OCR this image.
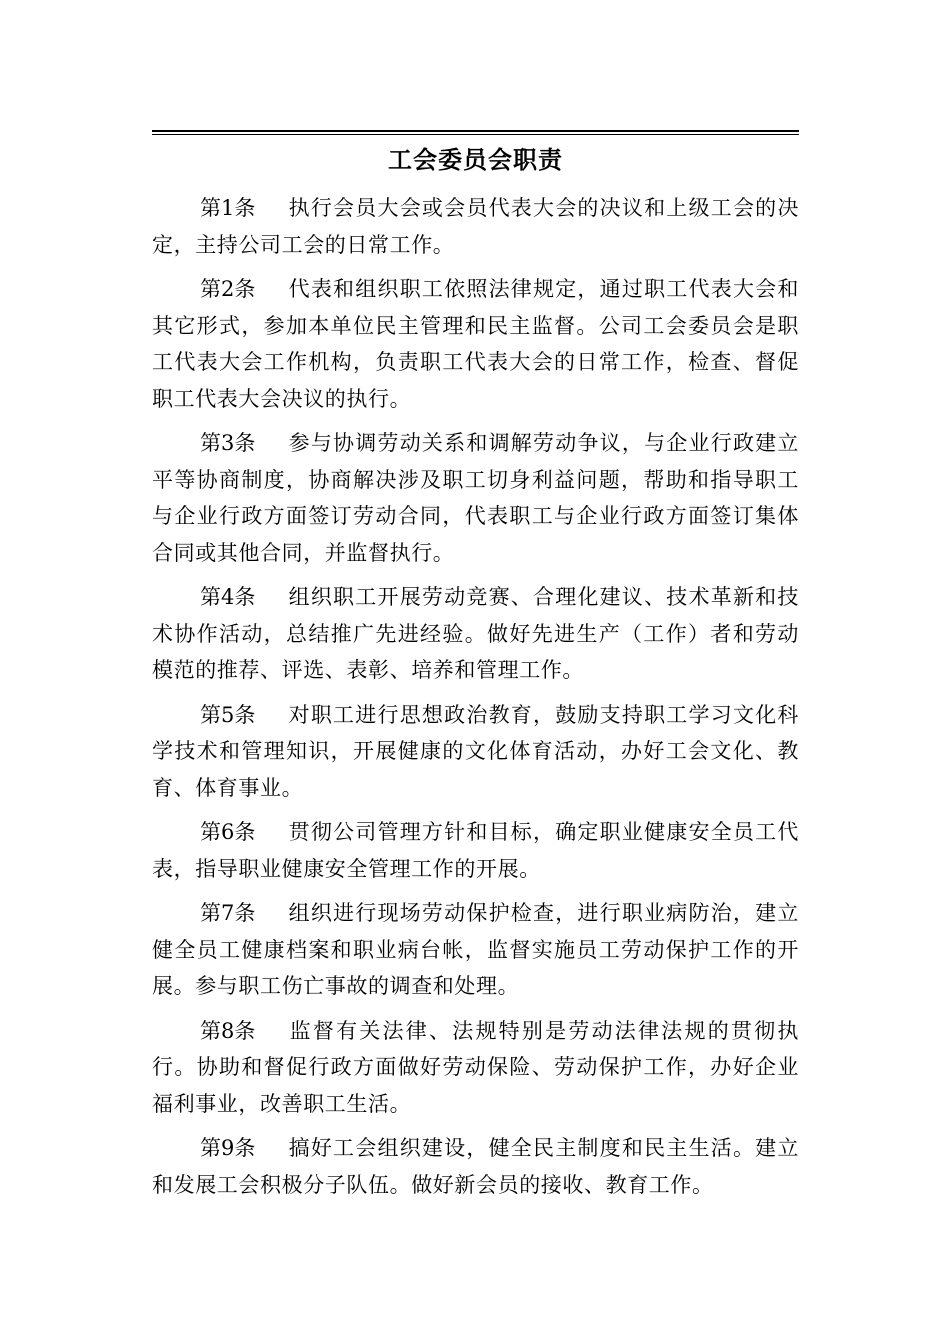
工会委员会职责

第1条 执行会员大会或会员代表大会的决议和上级工会的决定，主持公司工会的日常工作。

第2条 代表和组织职工依照法律规定，通过职工代表大会和其它形式，参加本单位民主管理和民主监督。公司工会委员会是职工代表大会工作机构，负责职工代表大会的日常工作，检查、督促职工代表大会决议的执行。

第3条 参与协调劳动关系和调解劳动争议，与企业行政建立平等协商制度，协商解决涉及职工切身利益问题，帮助和指导职工与企业行政方面签订劳动合同，代表职工与企业行政方面签订集体合同或其他合同，并监督执行。

第4条 组织职工开展劳动竞赛、合理化建议、技术革新和技术协作活动，总结推广先进经验。做好先进生产（工作）者和劳动模范的推荐、评选、表彰、培养和管理工作。

第5条 对职工进行思想政治教育，鼓励支持职工学习文化科学技术和管理知识，开展健康的文化体育活动，办好工会文化、教育、体育事业。

第6条 贯彻公司管理方针和目标，确定职业健康安全员工代表，指导职业健康安全管理工作的开展。

第7条 组织进行现场劳动保护检查，进行职业病防治，建立健全员工健康档案和职业病台帐，监督实施员工劳动保护工作的开展。参与职工伤亡事故的调查和处理。

第8条 监督有关法律、法规特别是劳动法律法规的贯彻执行。协助和督促行政方面做好劳动保险、劳动保护工作，办好企业福利事业，改善职工生活。

第9条 搞好工会组织建设，健全民主制度和民主生活。建立和发展工会积极分子队伍。做好新会员的接收、教育工作。
